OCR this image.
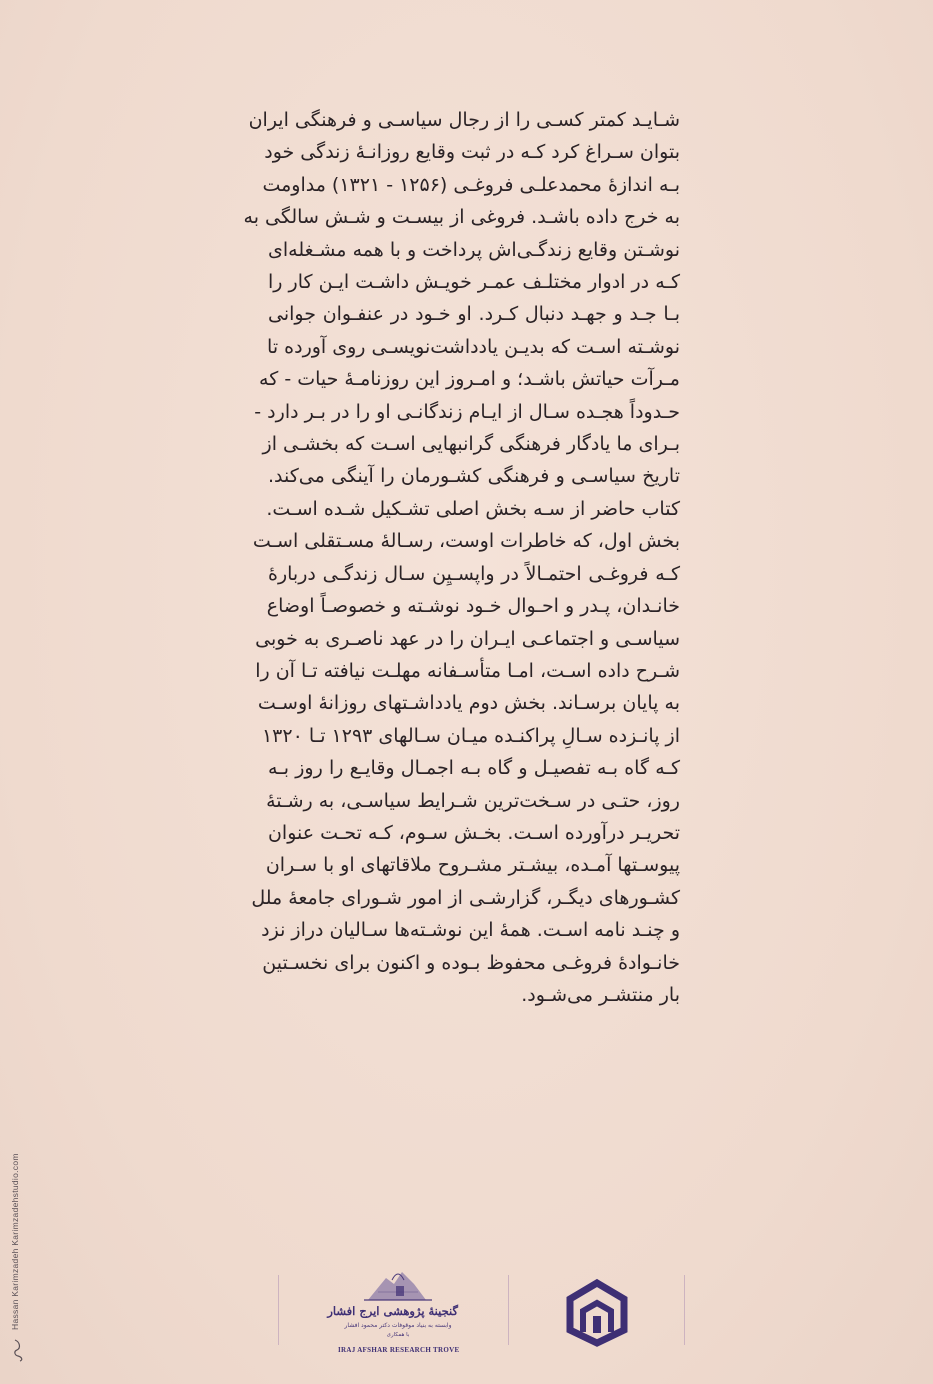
شـایـد کمتر کسـی را از رجال سیاسـی و فرهنگی ایران
بتوان سـراغ کرد کـه در ثبت وقایع روزانـۀ زندگی خود
بـه اندازۀ محمدعلـی فروغـی (۱۲۵۶ - ۱۳۲۱) مداومت
به خرج داده باشـد. فروغی از بیسـت و شـش سالگی به
نوشـتن وقایع زندگـی‌اش پرداخت و با همه مشـغله‌ای
کـه در ادوار مختلـف عمـر خویـش داشـت ایـن کار را
بـا جـد و جهـد دنبال کـرد. او خـود در عنفـوان جوانی
نوشـته اسـت که بدیـن یادداشت‌نویسـی روی آورده تا
مـرآت حیاتش باشـد؛ و امـروز این روزنامـۀ حیات - که
حـدوداً هجـده سـال از ایـام زندگانـی او را در بـر دارد -
بـرای ما یادگار فرهنگی گرانبهایی اسـت که بخشـی از
تاریخ سیاسـی و فرهنگی کشـورمان را آینگی می‌کند.
کتاب حاضر از سـه بخش اصلی تشـکیل شـده اسـت.
بخش اول، که خاطرات اوست، رسـالۀ مسـتقلی اسـت
کـه فروغـی احتمـالاً در واپسـیِن سـال زندگـی دربارۀ
خانـدان، پـدر و احـوال خـود نوشـته و خصوصـاً اوضاع
سیاسـی و اجتماعـی ایـران را در عهد ناصـری به خوبی
شـرح داده اسـت، امـا متأسـفانه مهلـت نیافته تـا آن را
به پایان برسـاند. بخش دوم یادداشـتهای روزانۀ اوسـت
از پانـزده سـالِ پراکنـده میـان سـالهای ۱۲۹۳ تـا ۱۳۲۰
کـه گاه بـه تفصیـل و گاه بـه اجمـال وقایـع را روز بـه
روز، حتـی در سـخت‌ترین شـرایط سیاسـی، به رشـتۀ
تحریـر درآورده اسـت. بخـش سـوم، کـه تحـت عنوان
پیوسـتها آمـده، بیشـتر مشـروح ملاقاتهای او با سـران
کشـورهای دیگـر، گزارشـی از امور شـورای جامعۀ ملل
و چنـد نامه اسـت. همۀ این نوشـته‌ها سـالیان دراز نزد
خانـوادۀ فروغـی محفوظ بـوده و اکنون برای نخسـتین
بار منتشـر می‌شـود.
Hassan Karimzadeh Karimzadehstudio.com	گنجینهٔ پژوهشی ایرج افشار
وابسته به بنیاد موقوفات دکتر محمود افشار
با همکاری
IRAJ AFSHAR RESEARCH TROVE
